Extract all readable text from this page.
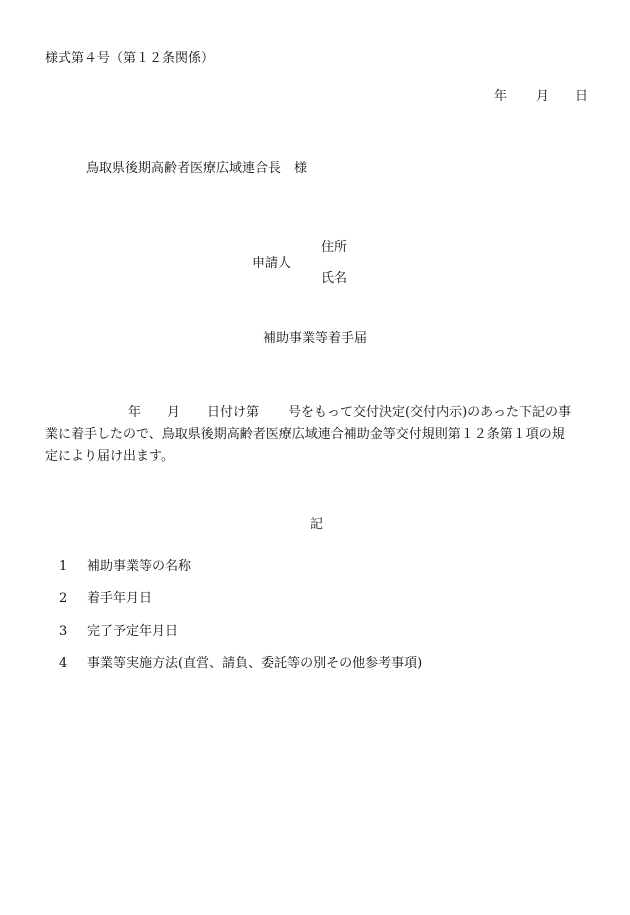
様式第４号（第１２条関係）
年 月 日
鳥取県後期高齢者医療広域連合長　様
住所
申請人
氏名
補助事業等着手届
年 月 日付け第 号をもって交付決定(交付内示)のあった下記の事
業に着手したので、鳥取県後期高齢者医療広域連合補助金等交付規則第１２条第１項の規
定により届け出ます。
記
1 補助事業等の名称
2 着手年月日
3 完了予定年月日
4 事業等実施方法(直営、請負、委託等の別その他参考事項)
